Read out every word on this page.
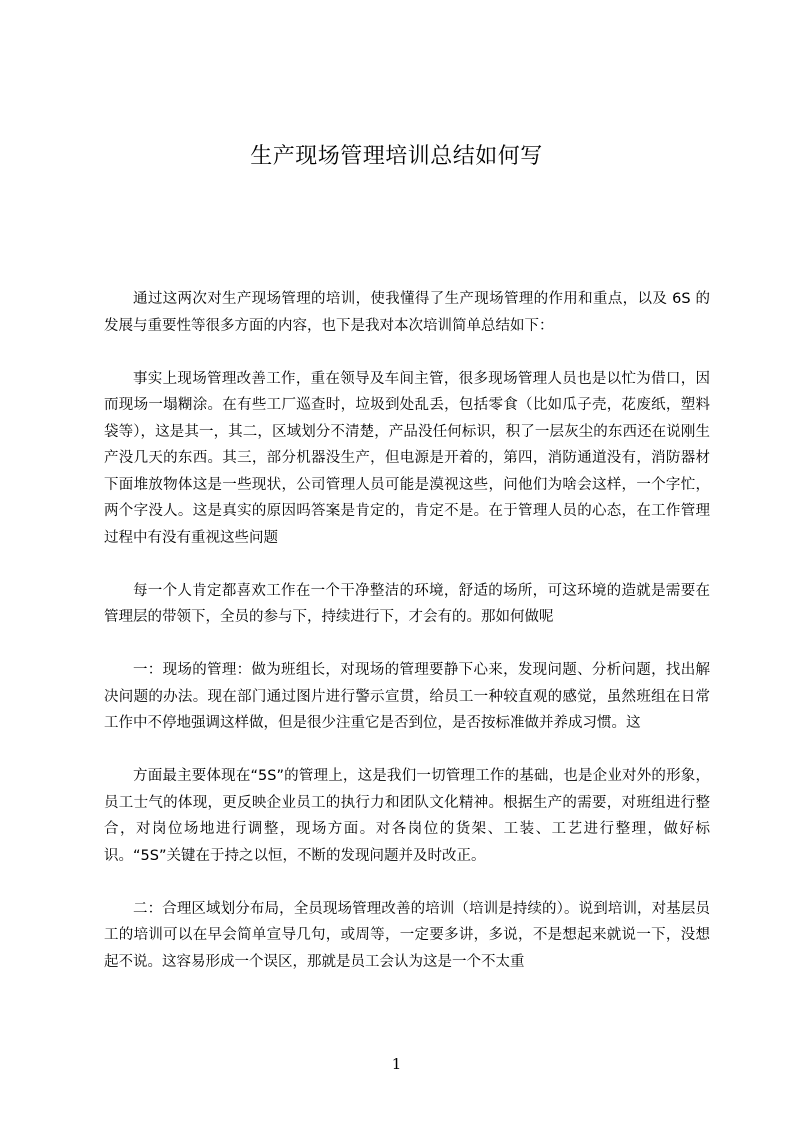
生产现场管理培训总结如何写

通过这两次对生产现场管理的培训，使我懂得了生产现场管理的作用和重点，以及 6S 的发展与重要性等很多方面的内容，也下是我对本次培训简单总结如下：

事实上现场管理改善工作，重在领导及车间主管，很多现场管理人员也是以忙为借口，因而现场一塌糊涂。在有些工厂巡查时，垃圾到处乱丢，包括零食（比如瓜子壳，花废纸，塑料袋等），这是其一，其二，区域划分不清楚，产品没任何标识，积了一层灰尘的东西还在说刚生产没几天的东西。其三，部分机器没生产，但电源是开着的，第四，消防通道没有，消防器材下面堆放物体这是一些现状，公司管理人员可能是漠视这些，问他们为啥会这样，一个字忙，两个字没人。这是真实的原因吗答案是肯定的，肯定不是。在于管理人员的心态，在工作管理过程中有没有重视这些问题

每一个人肯定都喜欢工作在一个干净整洁的环境，舒适的场所，可这环境的造就是需要在管理层的带领下，全员的参与下，持续进行下，才会有的。那如何做呢

一：现场的管理：做为班组长，对现场的管理要静下心来，发现问题、分析问题，找出解决问题的办法。现在部门通过图片进行警示宣贯，给员工一种较直观的感觉，虽然班组在日常工作中不停地强调这样做，但是很少注重它是否到位，是否按标准做并养成习惯。这

方面最主要体现在“5S”的管理上，这是我们一切管理工作的基础，也是企业对外的形象，员工士气的体现，更反映企业员工的执行力和团队文化精神。根据生产的需要，对班组进行整合，对岗位场地进行调整，现场方面。对各岗位的货架、工装、工艺进行整理，做好标识。“5S”关键在于持之以恒，不断的发现问题并及时改正。

二：合理区域划分布局，全员现场管理改善的培训（培训是持续的）。说到培训，对基层员工的培训可以在早会简单宣导几句，或周等，一定要多讲，多说，不是想起来就说一下，没想起不说。这容易形成一个误区，那就是员工会认为这是一个不太重

1
